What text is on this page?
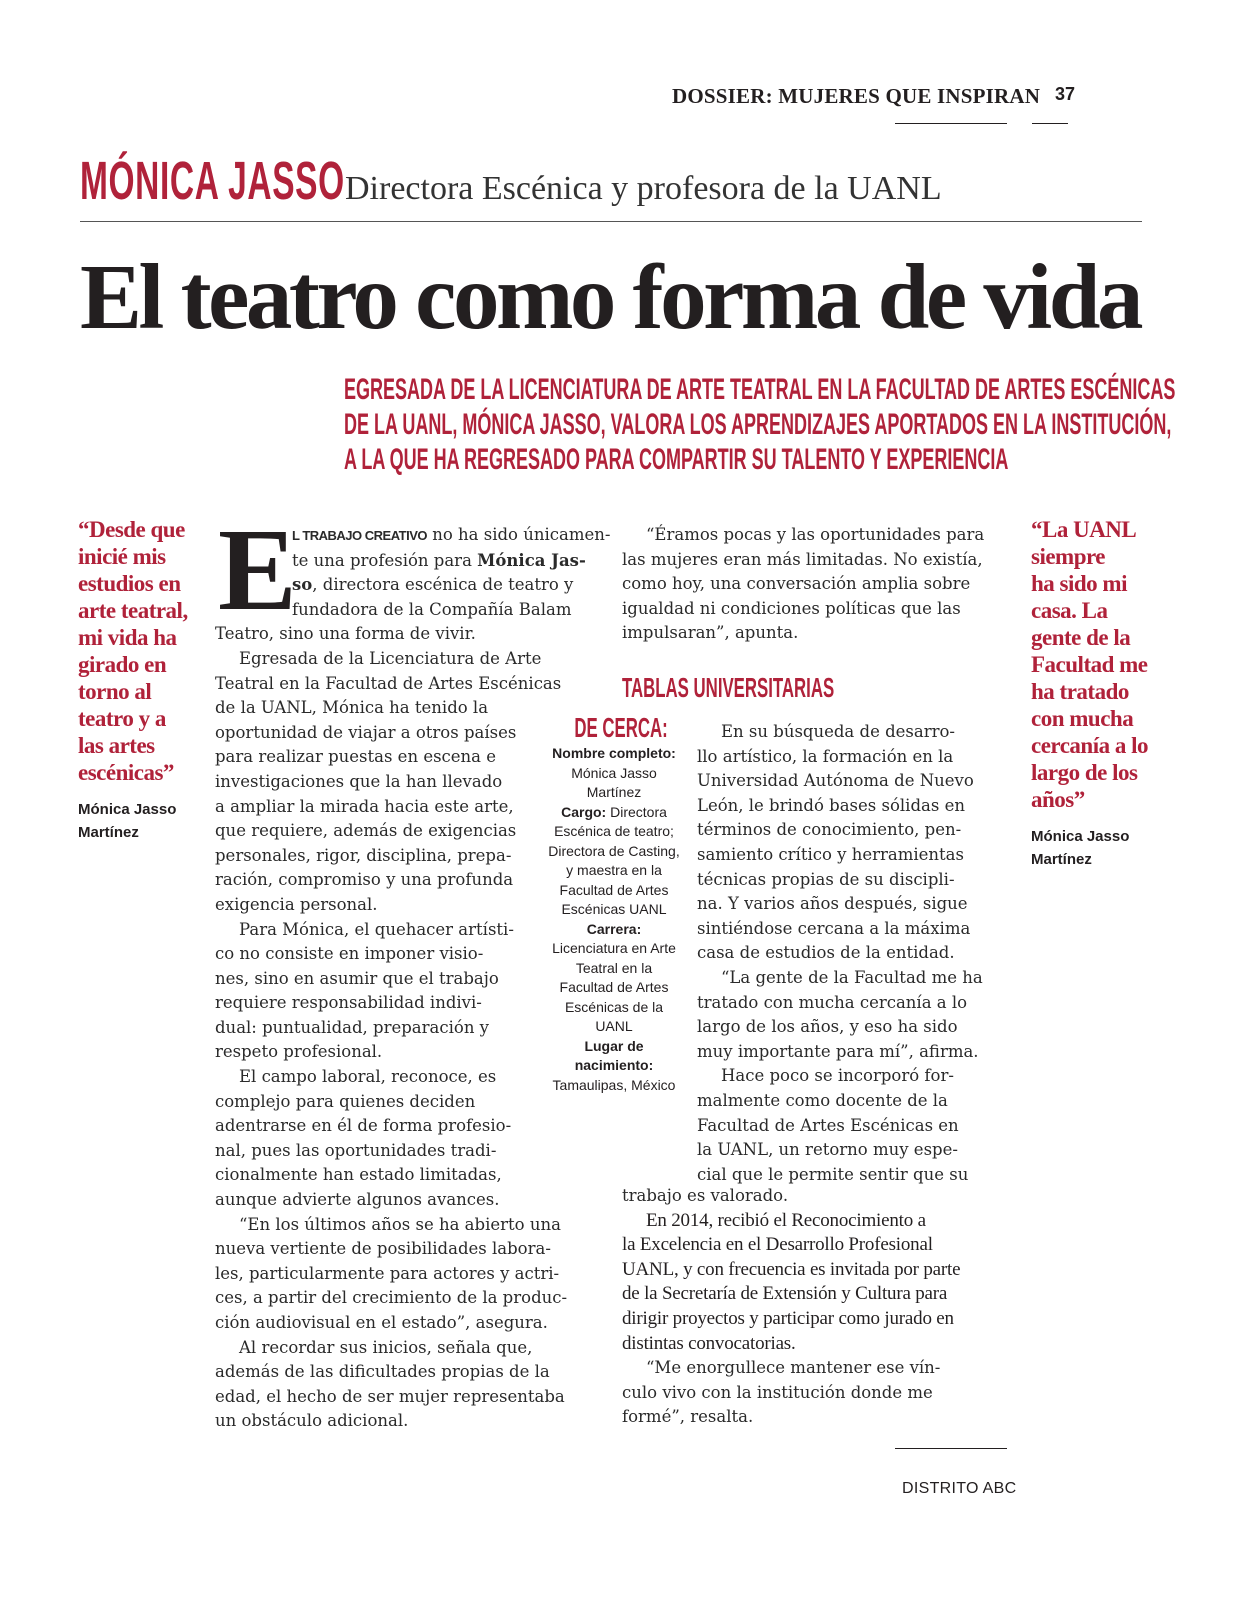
DOSSIER: MUJERES QUE INSPIRAN 37
MÓNICA JASSO Directora Escénica y profesora de la UANL
El teatro como forma de vida
EGRESADA DE LA LICENCIATURA DE ARTE TEATRAL EN LA FACULTAD DE ARTES ESCÉNICAS
DE LA UANL, MÓNICA JASSO, VALORA LOS APRENDIZAJES APORTADOS EN LA INSTITUCIÓN,
A LA QUE HA REGRESADO PARA COMPARTIR SU TALENTO Y EXPERIENCIA
“Desde que
inicié mis
estudios en
arte teatral,
mi vida ha
girado en
torno al
teatro y a
las artes
escénicas”
Mónica Jasso
Martínez
“La UANL
siempre
ha sido mi
casa. La
gente de la
Facultad me
ha tratado
con mucha
cercanía a lo
largo de los
años”
Mónica Jasso
Martínez
E
L TRABAJO CREATIVO no ha sido únicamen-
te una profesión para Mónica Jas-
so, directora escénica de teatro y
fundadora de la Compañía Balam
Teatro, sino una forma de vivir.
Egresada de la Licenciatura de Arte
Teatral en la Facultad de Artes Escénicas
de la UANL, Mónica ha tenido la
oportunidad de viajar a otros países
para realizar puestas en escena e
investigaciones que la han llevado
a ampliar la mirada hacia este arte,
que requiere, además de exigencias
personales, rigor, disciplina, prepa-
ración, compromiso y una profunda
exigencia personal.
Para Mónica, el quehacer artísti-
co no consiste en imponer visio-
nes, sino en asumir que el trabajo
requiere responsabilidad indivi-
dual: puntualidad, preparación y
respeto profesional.
El campo laboral, reconoce, es
complejo para quienes deciden
adentrarse en él de forma profesio-
nal, pues las oportunidades tradi-
cionalmente han estado limitadas,
aunque advierte algunos avances.
“En los últimos años se ha abierto una
nueva vertiente de posibilidades labora-
les, particularmente para actores y actri-
ces, a partir del crecimiento de la produc-
ción audiovisual en el estado”, asegura.
Al recordar sus inicios, señala que,
además de las dificultades propias de la
edad, el hecho de ser mujer representaba
un obstáculo adicional.
“Éramos pocas y las oportunidades para
las mujeres eran más limitadas. No existía,
como hoy, una conversación amplia sobre
igualdad ni condiciones políticas que las
impulsaran”, apunta.
TABLAS UNIVERSITARIAS
DE CERCA:
Nombre completo: Mónica Jasso Martínez
Cargo: Directora Escénica de teatro; Directora de Casting, y maestra en la Facultad de Artes Escénicas UANL
Carrera: Licenciatura en Arte Teatral en la Facultad de Artes Escénicas de la UANL
Lugar de nacimiento: Tamaulipas, México
En su búsqueda de desarro-
llo artístico, la formación en la
Universidad Autónoma de Nuevo
León, le brindó bases sólidas en
términos de conocimiento, pen-
samiento crítico y herramientas
técnicas propias de su discipli-
na. Y varios años después, sigue
sintiéndose cercana a la máxima
casa de estudios de la entidad.
“La gente de la Facultad me ha
tratado con mucha cercanía a lo
largo de los años, y eso ha sido
muy importante para mí”, afirma.
Hace poco se incorporó for-
malmente como docente de la
Facultad de Artes Escénicas en
la UANL, un retorno muy espe-
cial que le permite sentir que su
trabajo es valorado.
En 2014, recibió el Reconocimiento a
la Excelencia en el Desarrollo Profesional
UANL, y con frecuencia es invitada por parte
de la Secretaría de Extensión y Cultura para
dirigir proyectos y participar como jurado en
distintas convocatorias.
“Me enorgullece mantener ese vín-
culo vivo con la institución donde me
formé”, resalta.
DISTRITO ABC
